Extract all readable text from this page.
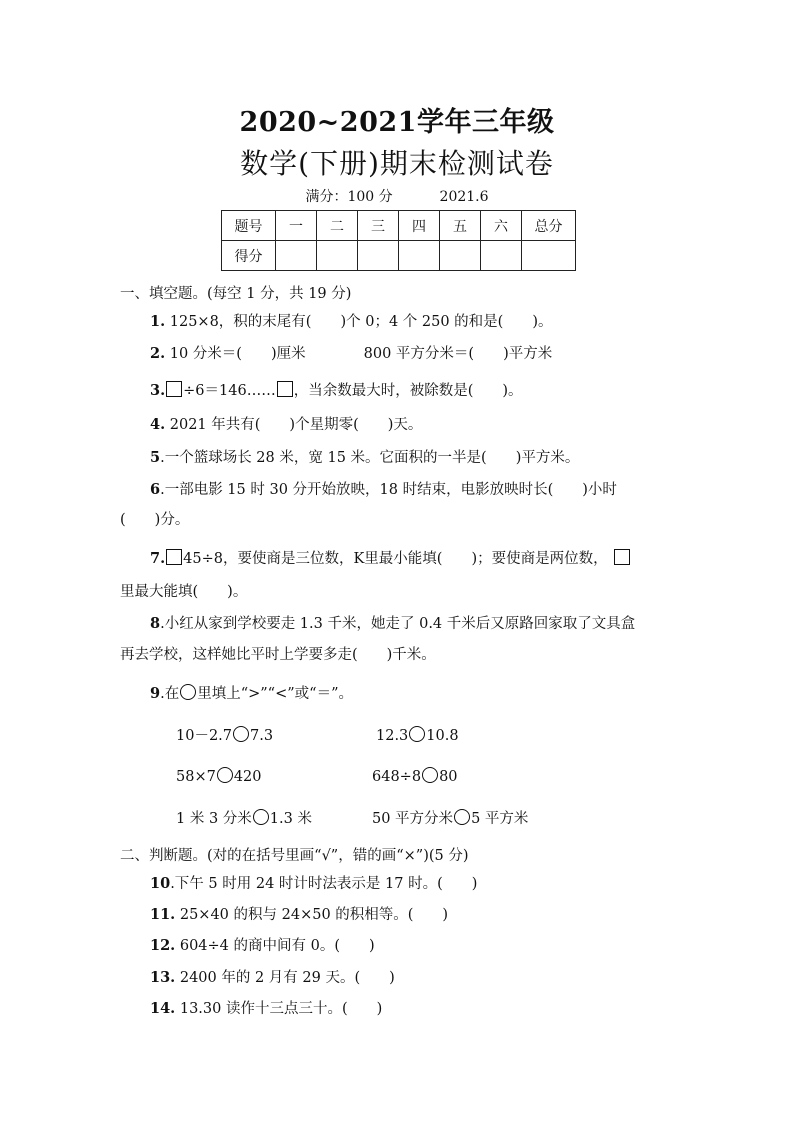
2020~2021学年三年级
数学(下册)期末检测试卷
满分：100 分	2021.6
题号	一	二	三	四	五	六	总分
得分							
一、填空题。(每空 1 分，共 19 分)
1. 125×8，积的末尾有(　　)个 0；4 个 250 的和是(　　)。
2. 10 分米＝(　　)厘米	800 平方分米＝(　　)平方米
3. ÷6＝146…… ，当余数最大时，被除数是(　　)。
4. 2021 年共有(　　)个星期零(　　)天。
5.一个篮球场长 28 米，宽 15 米。它面积的一半是(　　)平方米。
6.一部电影 15 时 30 分开始放映，18 时结束，电影放映时长(　　)小时
(　　)分。
7. 45÷8，要使商是三位数，K里最小能填(　　)；要使商是两位数，
里最大能填(　　)。
8.小红从家到学校要走 1.3 千米，她走了 0.4 千米后又原路回家取了文具盒
再去学校，这样她比平时上学要多走(　　)千米。
9.在 里填上“>”“<”或“＝”。
10－2.7 7.3	12.3 10.8
58×7 420	648÷8 80
1 米 3 分米 1.3 米	50 平方分米 5 平方米
二、判断题。(对的在括号里画“√”，错的画“×”)(5 分)
10.下午 5 时用 24 时计时法表示是 17 时。(　　)
11. 25×40 的积与 24×50 的积相等。(　　)
12. 604÷4 的商中间有 0。(　　)
13. 2400 年的 2 月有 29 天。(　　)
14. 13.30 读作十三点三十。(　　)
